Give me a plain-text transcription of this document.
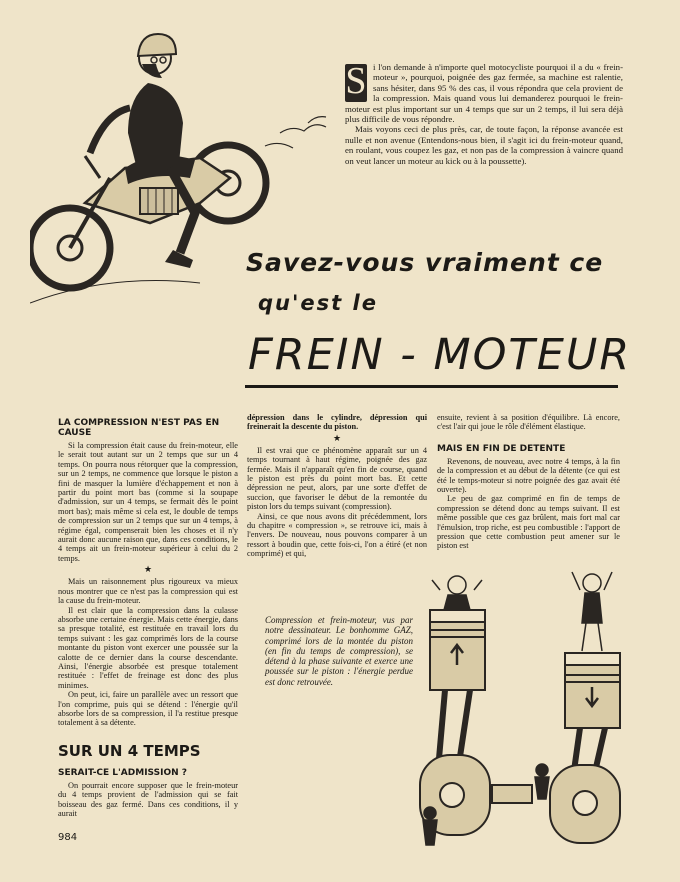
S i l'on demande à n'importe quel motocycliste pourquoi il a du « frein-moteur », pourquoi, poignée des gaz fermée, sa machine est ralentie, sans hésiter, dans 95 % des cas, il vous répondra que cela provient de la compression. Mais quand vous lui demanderez pourquoi le frein-moteur est plus important sur un 4 temps que sur un 2 temps, il lui sera déjà plus difficile de vous répondre.

Mais voyons ceci de plus près, car, de toute façon, la réponse avancée est nulle et non avenue (Entendons-nous bien, il s'agit ici du frein-moteur quand, en roulant, vous coupez les gaz, et non pas de la compression à vaincre quand on veut lancer un moteur au kick ou à la poussette).

Savez-vous vraiment ce
qu'est le
FREIN - MOTEUR
LA COMPRESSION N'EST PAS EN CAUSE

Si la compression était cause du frein-moteur, elle le serait tout autant sur un 2 temps que sur un 4 temps. On pourra nous rétorquer que la compression, sur un 2 temps, ne commence que lorsque le piston a fini de masquer la lumière d'échappement et non à partir du point mort bas (comme si la soupape d'admission, sur un 4 temps, se fermait dès le point mort bas); mais même si cela est, le double de temps de compression sur un 2 temps que sur un 4 temps, à régime égal, compenserait bien les choses et il n'y aurait donc aucune raison que, dans ces conditions, le 4 temps ait un frein-moteur supérieur à celui du 2 temps.

★

Mais un raisonnement plus rigoureux va mieux nous montrer que ce n'est pas la compression qui est la cause du frein-moteur.

Il est clair que la compression dans la culasse absorbe une certaine énergie. Mais cette énergie, dans sa presque totalité, est restituée en travail lors du temps suivant : les gaz comprimés lors de la course montante du piston vont exercer une poussée sur la calotte de ce dernier dans la course descendante. Ainsi, l'énergie absorbée est presque totalement restituée : l'effet de freinage est donc des plus minimes.

On peut, ici, faire un parallèle avec un ressort que l'on comprime, puis qui se détend : l'énergie qu'il absorbe lors de sa compression, il l'a restitue presque totalement à sa détente.

SUR UN 4 TEMPS
SERAIT-CE L'ADMISSION ?

On pourrait encore supposer que le frein-moteur du 4 temps provient de l'admission qui se fait boisseau des gaz fermé. Dans ces conditions, il y aurait

984

dépression dans le cylindre, dépression qui freinerait la descente du piston.

★

Il est vrai que ce phénomène apparaît sur un 4 temps tournant à haut régime, poignée des gaz fermée. Mais il n'apparaît qu'en fin de course, quand le piston est près du point mort bas. Et cette dépression ne peut, alors, par une sorte d'effet de succion, que favoriser le début de la remontée du piston lors du temps suivant (compression).

Ainsi, ce que nous avons dit précédemment, lors du chapitre « compression », se retrouve ici, mais à l'envers. De nouveau, nous pouvons comparer à un ressort à boudin que, cette fois-ci, l'on a étiré (et non comprimé) et qui,

ensuite, revient à sa position d'équilibre. Là encore, c'est l'air qui joue le rôle d'élément élastique.

MAIS EN FIN DE DETENTE

Revenons, de nouveau, avec notre 4 temps, à la fin de la compression et au début de la détente (ce qui est été le temps-moteur si notre poignée des gaz avait été ouverte).

Le peu de gaz comprimé en fin de temps de compression se détend donc au temps suivant. Il est même possible que ces gaz brûlent, mais fort mal car l'émulsion, trop riche, est peu combustible : l'apport de pression que cette combustion peut amener sur le piston est

Compression et frein-moteur, vus par notre dessinateur. Le bonhomme GAZ, comprimé lors de la montée du piston (en fin du temps de compression), se détend à la phase suivante et exerce une poussée sur le piston : l'énergie perdue est donc retrouvée.
